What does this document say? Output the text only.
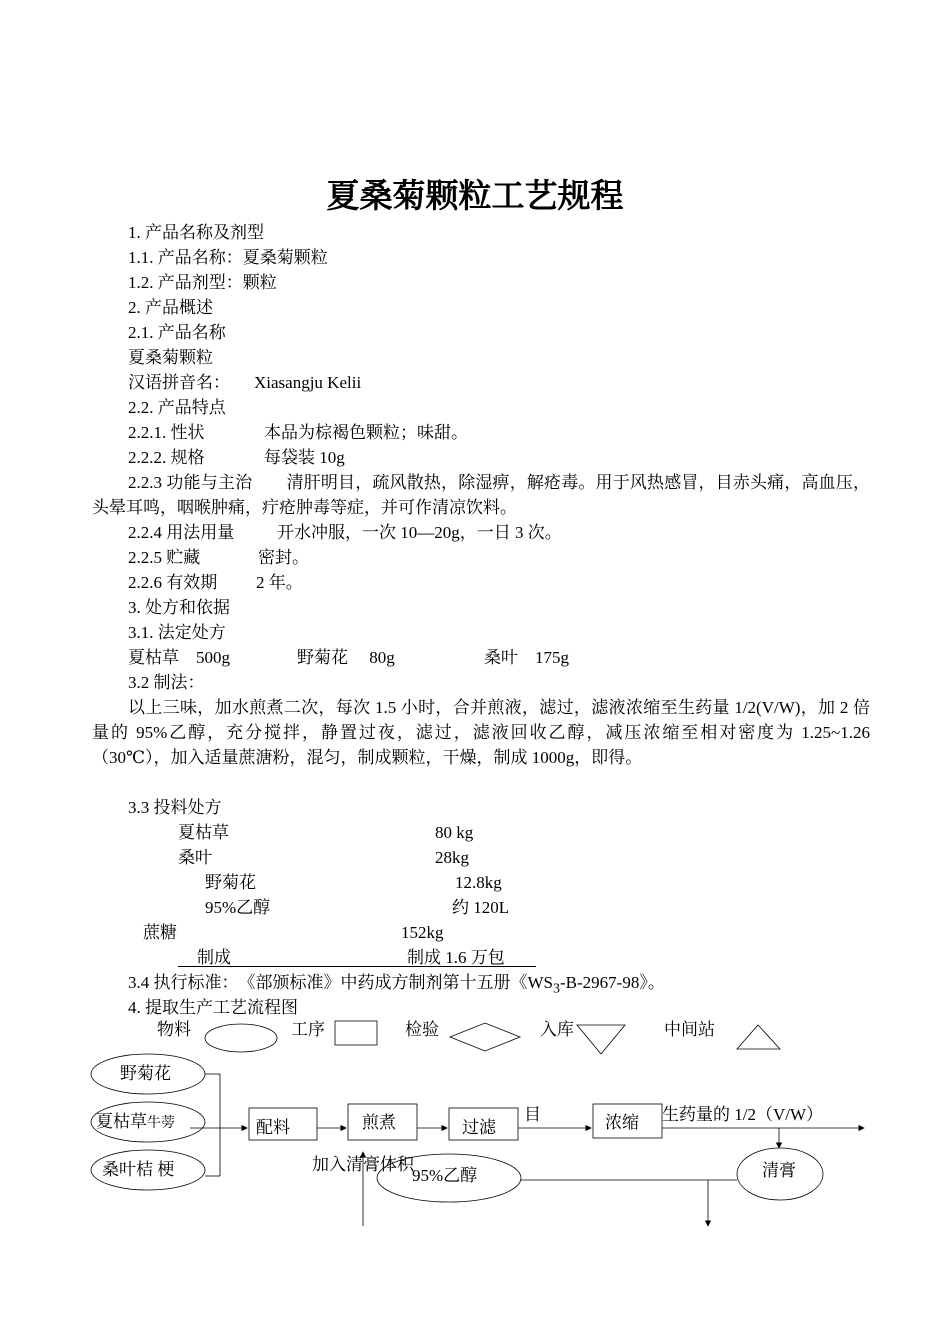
夏桑菊颗粒工艺规程
1. 产品名称及剂型
1.1. 产品名称：夏桑菊颗粒
1.2. 产品剂型：颗粒
2. 产品概述
2.1. 产品名称
夏桑菊颗粒
汉语拼音名： Xiasangju Kelii
2.2. 产品特点
2.2.1. 性状	本品为棕褐色颗粒；味甜。
2.2.2. 规格	每袋装 10g
2.2.3 功能与主治　　清肝明目，疏风散热，除湿痹，解疮毒。用于风热感冒，目赤头痛，高血压，头晕耳鸣，咽喉肿痛，疔疮肿毒等症，并可作清凉饮料。
2.2.4 用法用量	开水冲服，一次 10—20g，一日 3 次。
2.2.5 贮藏	密封。
2.2.6 有效期 2 年。
3. 处方和依据
3.1. 法定处方
夏枯草　500g	野菊花　 80g	桑叶　175g
3.2 制法：
以上三味，加水煎煮二次，每次 1.5 小时，合并煎液，滤过，滤液浓缩至生药量 1/2(V/W)，加 2 倍量的 95%乙醇，充分搅拌，静置过夜，滤过，滤液回收乙醇，减压浓缩至相对密度为 1.25~1.26（30℃），加入适量蔗溏粉，混匀，制成颗粒，干燥，制成 1000g，即得。
3.3 投料处方
夏枯草	80 kg
桑叶	28kg
野菊花	12.8kg
95%乙醇	约 120L
蔗糖	152kg
制成	制成 1.6 万包
3.4 执行标准：　《部颁标准》中药成方制剂第十五册《$WS_3-B-2967-98$》。
4. 提取生产工艺流程图
物料	工序	检验	入库	中间站
野菊花
夏枯草牛蒡
桑叶桔 梗
配料	煎煮	过滤
目	浓缩 生药量的 1/2（V/W）
加入清膏体积
95%乙醇	清膏
